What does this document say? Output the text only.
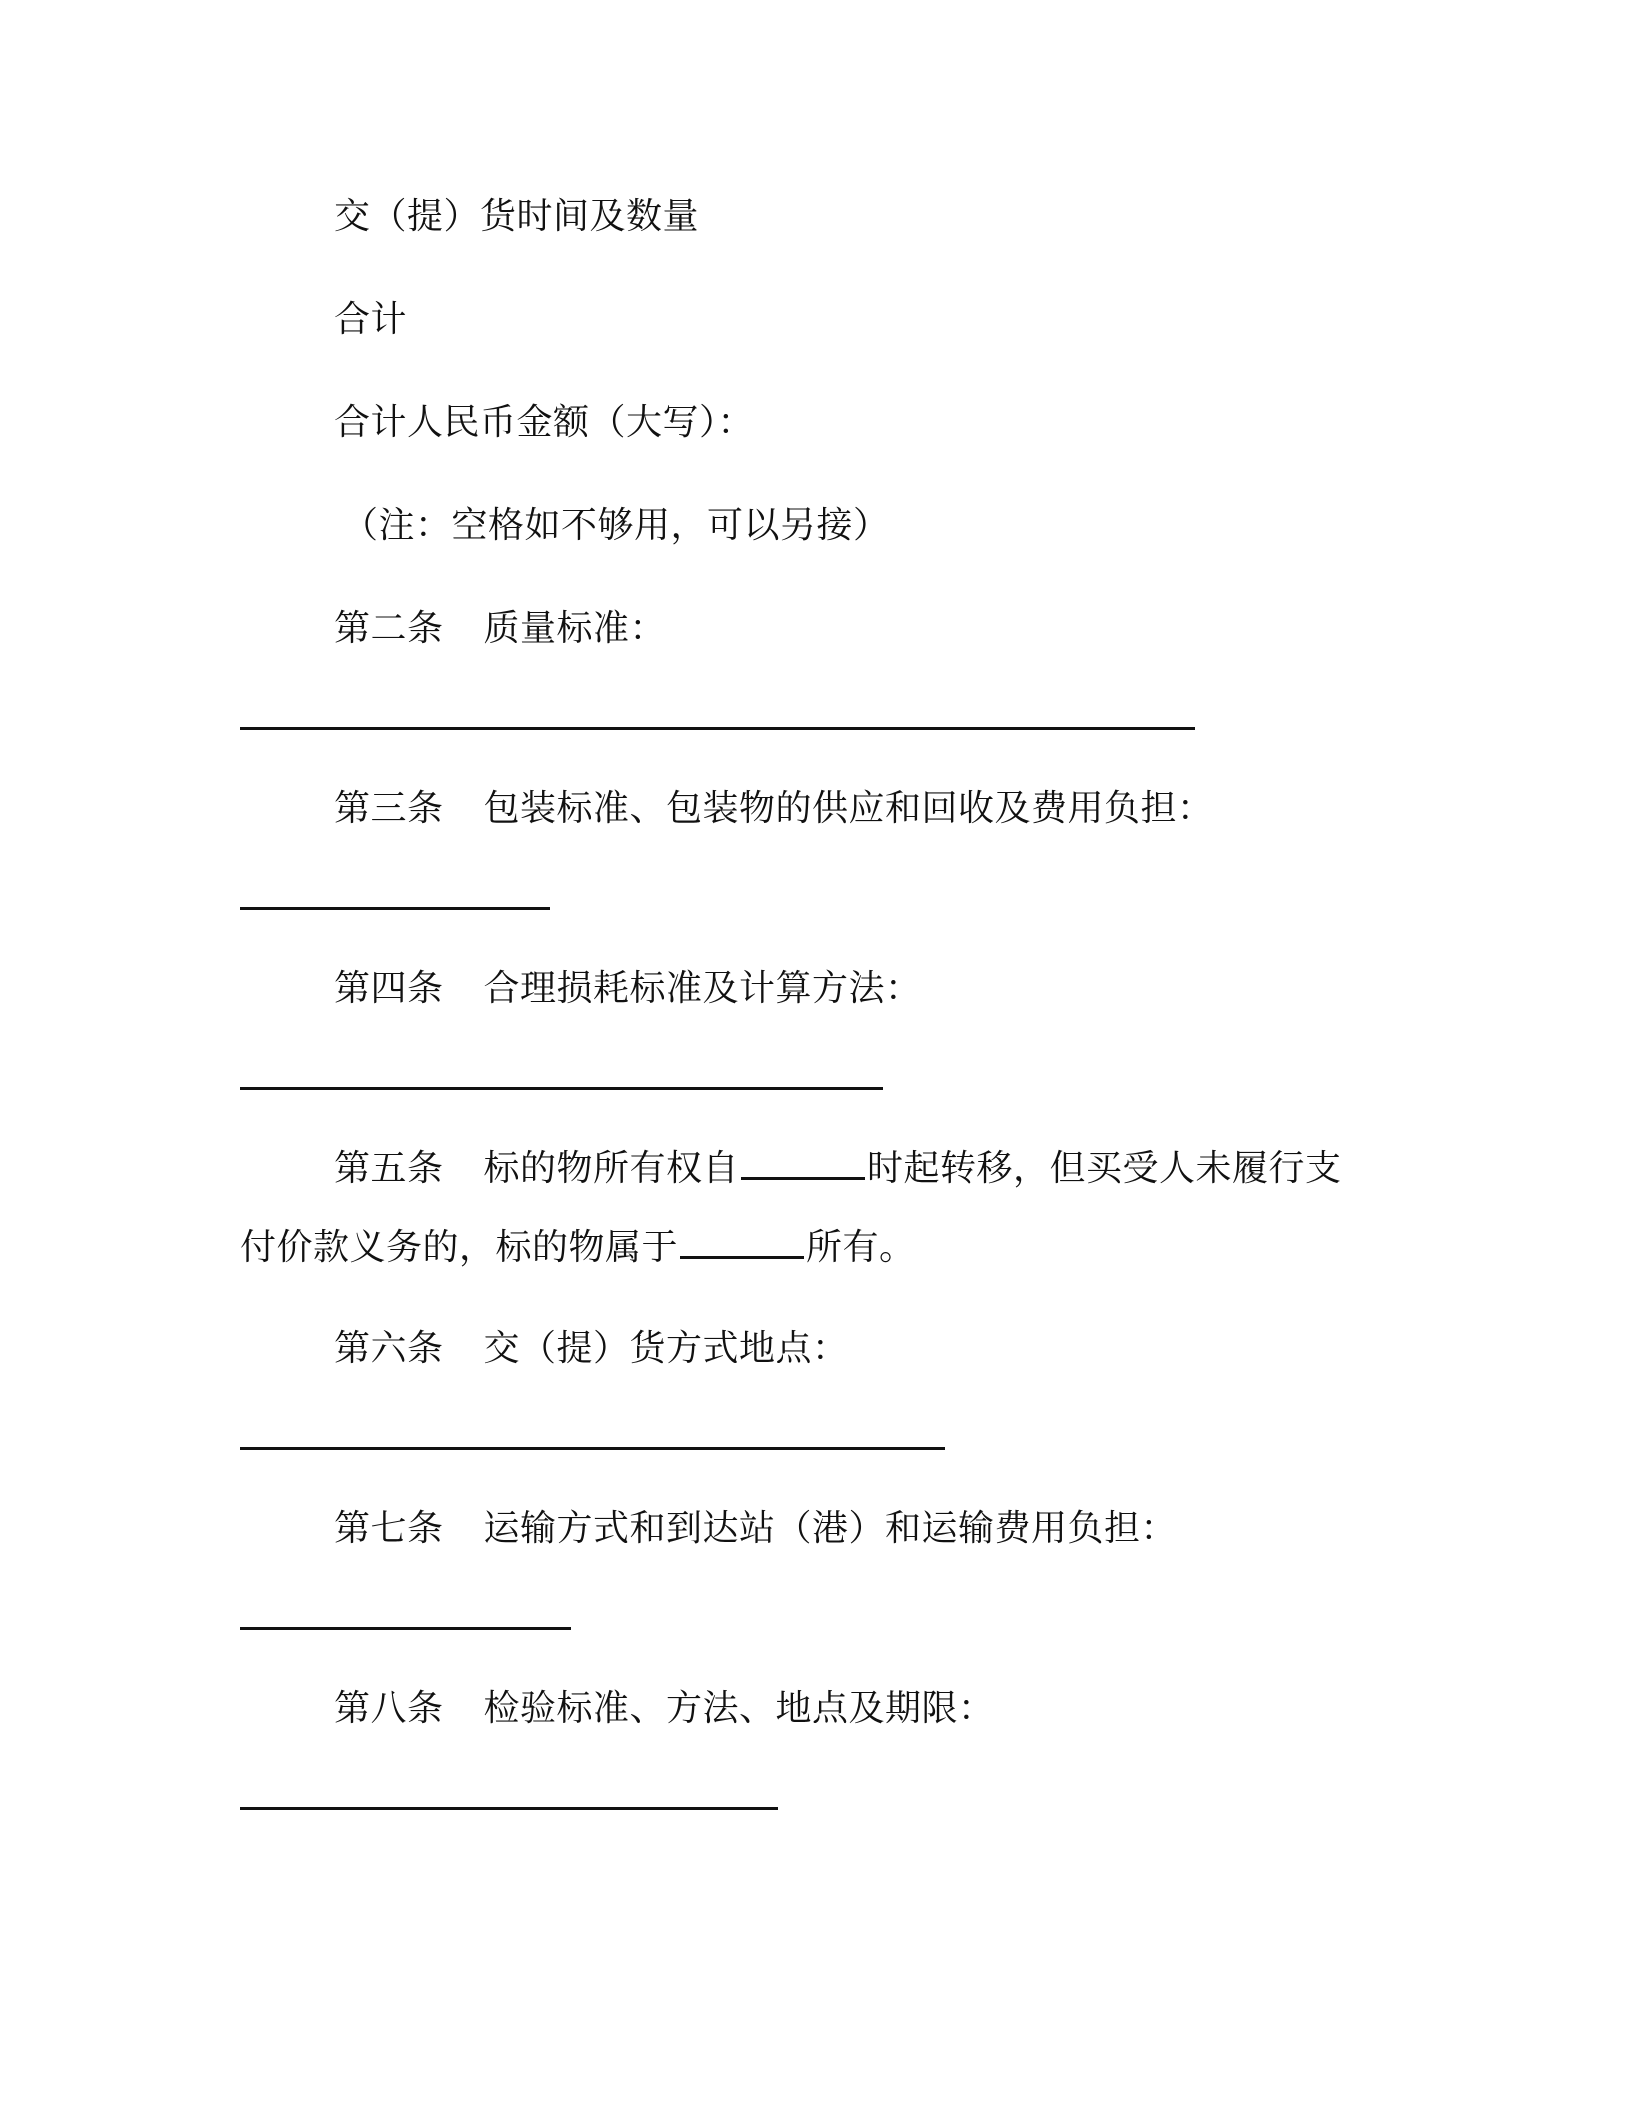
交（提）货时间及数量
合计
合计人民币金额（大写）：
（注：空格如不够用，可以另接）
第二条 质量标准：
第三条 包装标准、包装物的供应和回收及费用负担：
第四条 合理损耗标准及计算方法：
第五条 标的物所有权自	时起转移，但买受人未履行支
付价款义务的，标的物属于	所有。
第六条 交（提）货方式地点：
第七条 运输方式和到达站（港）和运输费用负担：
第八条 检验标准、方法、地点及期限：
